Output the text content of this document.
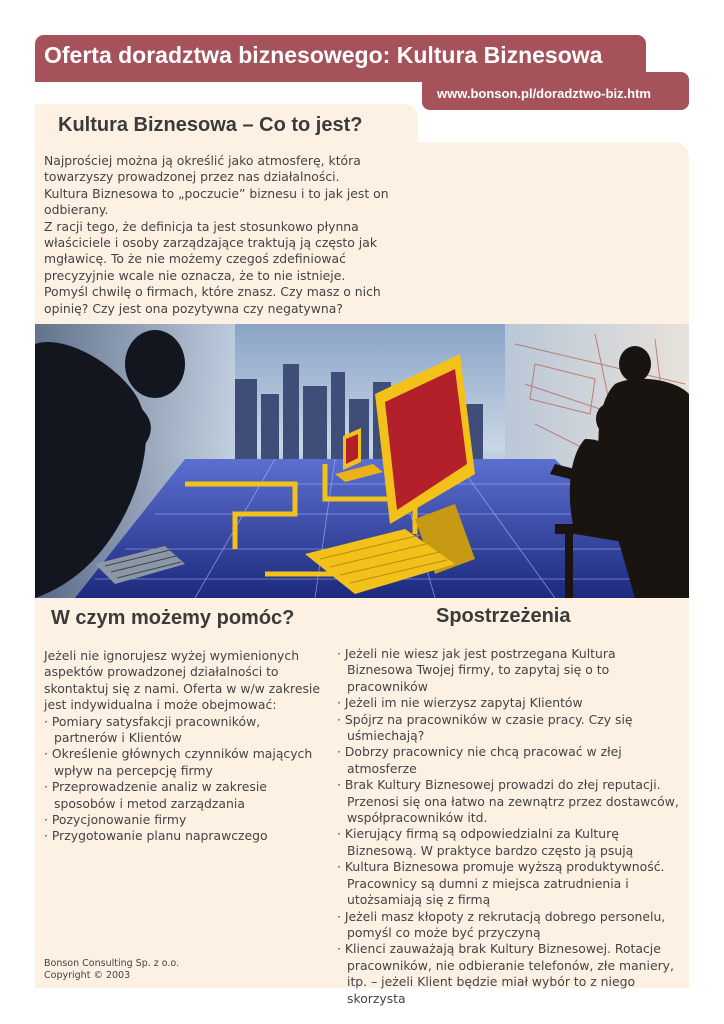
Oferta doradztwa biznesowego: Kultura Biznesowa
www.bonson.pl/doradztwo-biz.htm
Kultura Biznesowa – Co to jest?

Najprościej można ją określić jako atmosferę, która

towarzyszy prowadzonej przez nas działalności.

Kultura Biznesowa to „poczucie” biznesu i to jak jest on

odbierany.

Z racji tego, że definicja ta jest stosunkowo płynna

właściciele i osoby zarządzające traktują ją często jak

mgławicę. To że nie możemy czegoś zdefiniować

precyzyjnie wcale nie oznacza, że to nie istnieje.

Pomyśl chwilę o firmach, które znasz. Czy masz o nich

opinię? Czy jest ona pozytywna czy negatywna?

W czym możemy pomóc?

Jeżeli nie ignorujesz wyżej wymienionych

aspektów prowadzonej działalności to

skontaktuj się z nami. Oferta w w/w zakresie

jest indywidualna i może obejmować:

· Pomiary satysfakcji pracowników, partnerów i Klientów
· Określenie głównych czynników mających wpływ na percepcję firmy
· Przeprowadzenie analiz w zakresie sposobów i metod zarządzania
· Pozycjonowanie firmy
· Przygotowanie planu naprawczego
Spostrzeżenia
· Jeżeli nie wiesz jak jest postrzegana Kultura Biznesowa Twojej firmy, to zapytaj się o to pracowników
· Jeżeli im nie wierzysz zapytaj Klientów
· Spójrz na pracowników w czasie pracy. Czy się uśmiechają?
· Dobrzy pracownicy nie chcą pracować w złej atmosferze
· Brak Kultury Biznesowej prowadzi do złej reputacji. Przenosi się ona łatwo na zewnątrz przez dostawców, współpracowników itd.
· Kierujący firmą są odpowiedzialni za Kulturę Biznesową. W praktyce bardzo często ją psują
· Kultura Biznesowa promuje wyższą produktywność. Pracownicy są dumni z miejsca zatrudnienia i utożsamiają się z firmą
· Jeżeli masz kłopoty z rekrutacją dobrego personelu, pomyśl co może być przyczyną
· Klienci zauważają brak Kultury Biznesowej. Rotacje pracowników, nie odbieranie telefonów, złe maniery, itp. – jeżeli Klient będzie miał wybór to z niego skorzysta
Bonson Consulting Sp. z o.o.
Copyright © 2003
